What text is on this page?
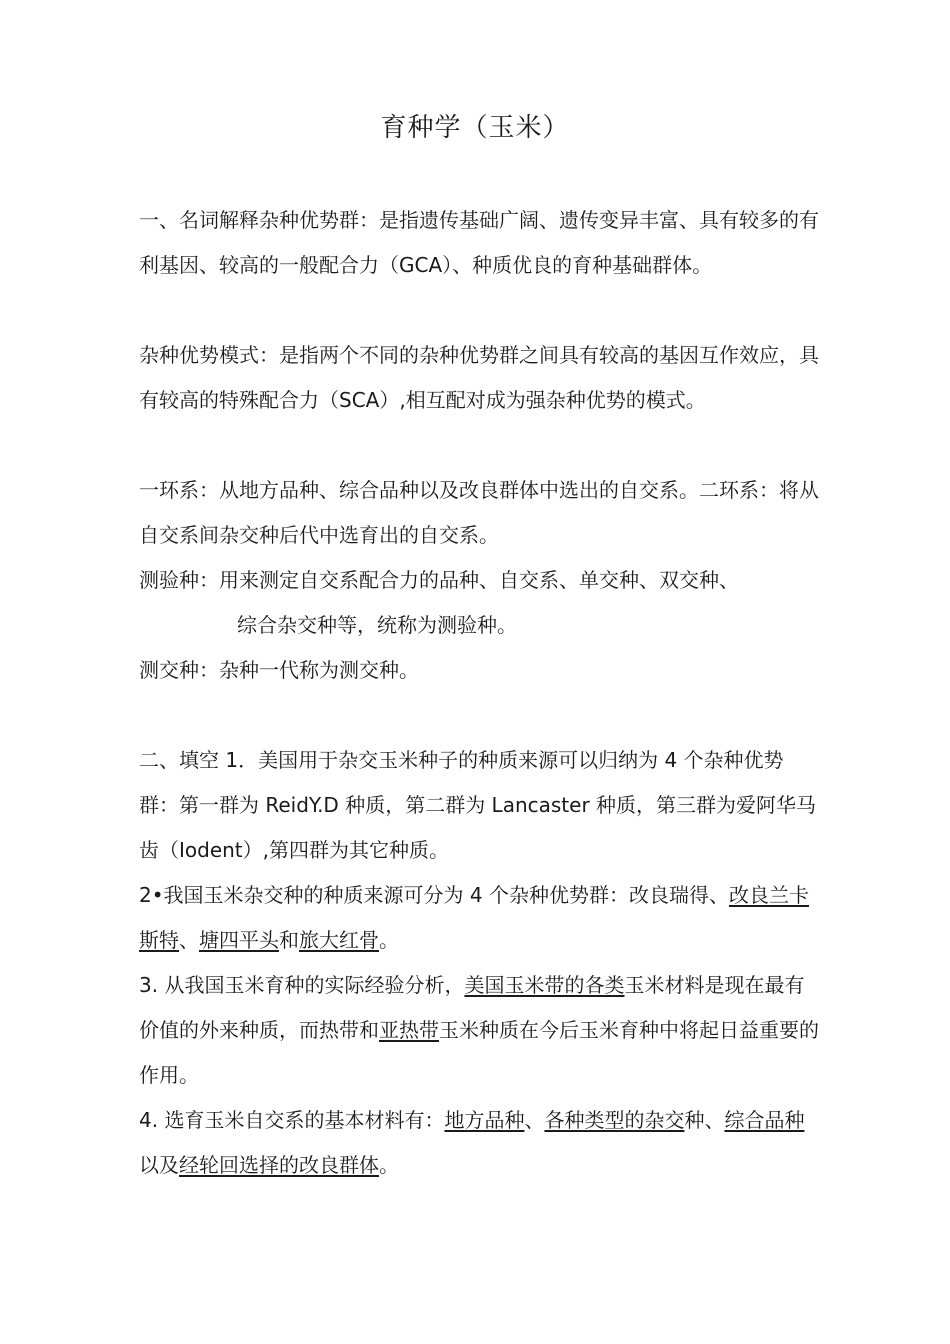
育种学（玉米）

一、名词解释杂种优势群：是指遗传基础广阔、遗传变异丰富、具有较多的有利基因、较高的一般配合力（GCA）、种质优良的育种基础群体。

杂种优势模式：是指两个不同的杂种优势群之间具有较高的基因互作效应，具有较高的特殊配合力（SCA）,相互配对成为强杂种优势的模式。

一环系：从地方品种、综合品种以及改良群体中选出的自交系。二环系：将从自交系间杂交种后代中选育出的自交系。

测验种：用来测定自交系配合力的品种、自交系、单交种、双交种、

综合杂交种等，统称为测验种。

测交种：杂种一代称为测交种。

二、填空 1．美国用于杂交玉米种子的种质来源可以归纳为 4 个杂种优势群：第一群为 ReidY.D 种质，第二群为 Lancaster 种质，第三群为爱阿华马齿（Iodent）,第四群为其它种质。

2•我国玉米杂交种的种质来源可分为 4 个杂种优势群：改良瑞得、改良兰卡斯特、塘四平头和旅大红骨。

3. 从我国玉米育种的实际经验分析，美国玉米带的各类玉米材料是现在最有价值的外来种质，而热带和亚热带玉米种质在今后玉米育种中将起日益重要的作用。

4. 选育玉米自交系的基本材料有：地方品种、各种类型的杂交种、综合品种以及经轮回选择的改良群体。
